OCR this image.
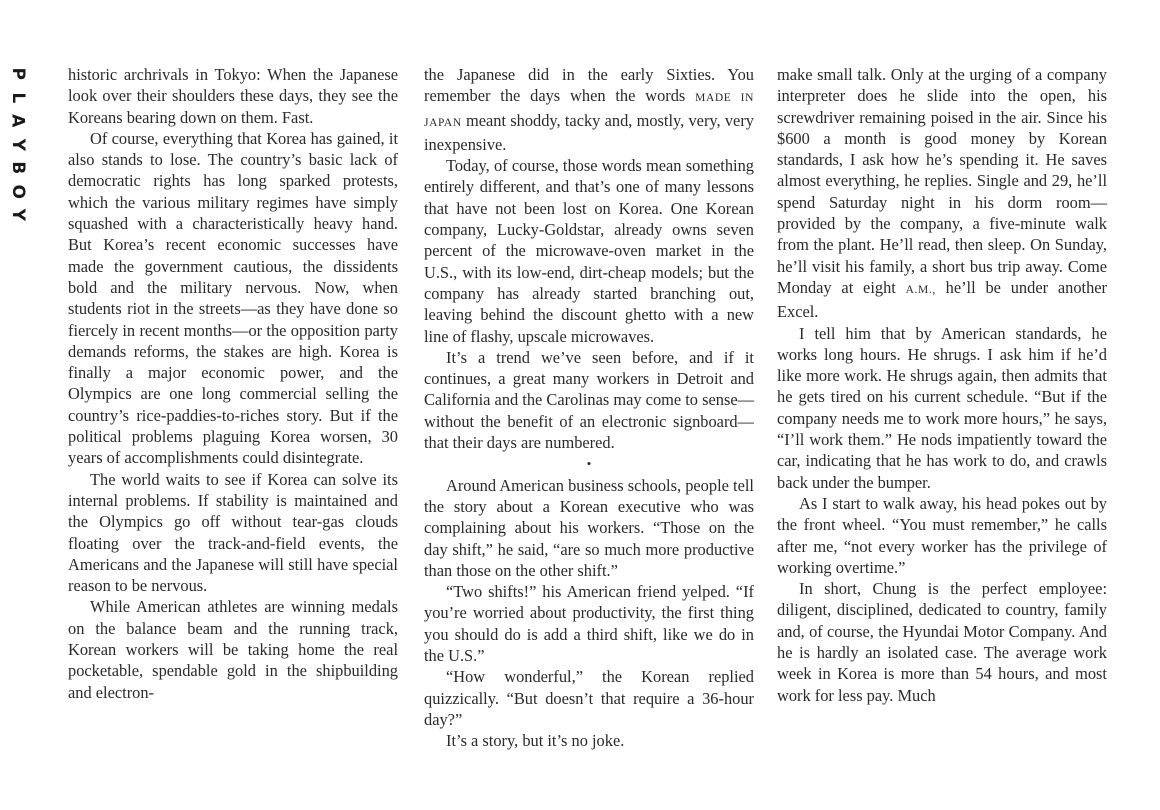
P
L
A
Y
B
O
Y

historic archrivals in Tokyo: When the Japanese look over their shoulders these days, they see the Koreans bearing down on them. Fast.

Of course, everything that Korea has gained, it also stands to lose. The country’s basic lack of democratic rights has long sparked protests, which the various military regimes have simply squashed with a characteristically heavy hand. But Korea’s recent economic successes have made the government cautious, the dissidents bold and the military nervous. Now, when students riot in the streets—as they have done so fiercely in recent months—or the opposition party demands reforms, the stakes are high. Korea is finally a major economic power, and the Olympics are one long commercial selling the country’s rice-paddies-to-riches story. But if the political problems plaguing Korea worsen, 30 years of accomplishments could disintegrate.

The world waits to see if Korea can solve its internal problems. If stability is maintained and the Olympics go off without tear-gas clouds floating over the track-and-field events, the Americans and the Japanese will still have special reason to be nervous.

While American athletes are winning medals on the balance beam and the running track, Korean workers will be taking home the real pocketable, spendable gold in the shipbuilding and electron-

the Japanese did in the early Sixties. You remember the days when the words MADE IN JAPAN meant shoddy, tacky and, mostly, very, very inexpensive.

Today, of course, those words mean something entirely different, and that’s one of many lessons that have not been lost on Korea. One Korean company, Lucky-Goldstar, already owns seven percent of the microwave-oven market in the U.S., with its low-end, dirt-cheap models; but the company has already started branching out, leaving behind the discount ghetto with a new line of flashy, upscale microwaves.

It’s a trend we’ve seen before, and if it continues, a great many workers in Detroit and California and the Carolinas may come to sense—without the benefit of an electronic signboard—that their days are numbered.

•

Around American business schools, people tell the story about a Korean executive who was complaining about his workers. “Those on the day shift,” he said, “are so much more productive than those on the other shift.”

“Two shifts!” his American friend yelped. “If you’re worried about productivity, the first thing you should do is add a third shift, like we do in the U.S.”

“How wonderful,” the Korean replied quizzically. “But doesn’t that require a 36-hour day?”

It’s a story, but it’s no joke.

make small talk. Only at the urging of a company interpreter does he slide into the open, his screwdriver remaining poised in the air. Since his $600 a month is good money by Korean standards, I ask how he’s spending it. He saves almost everything, he replies. Single and 29, he’ll spend Saturday night in his dorm room—provided by the company, a five-minute walk from the plant. He’ll read, then sleep. On Sunday, he’ll visit his family, a short bus trip away. Come Monday at eight A.M., he’ll be under another Excel.

I tell him that by American standards, he works long hours. He shrugs. I ask him if he’d like more work. He shrugs again, then admits that he gets tired on his current schedule. “But if the company needs me to work more hours,” he says, “I’ll work them.” He nods impatiently toward the car, indicating that he has work to do, and crawls back under the bumper.

As I start to walk away, his head pokes out by the front wheel. “You must remember,” he calls after me, “not every worker has the privilege of working overtime.”

In short, Chung is the perfect employee: diligent, disciplined, dedicated to country, family and, of course, the Hyundai Motor Company. And he is hardly an isolated case. The average work week in Korea is more than 54 hours, and most work for less pay. Much
